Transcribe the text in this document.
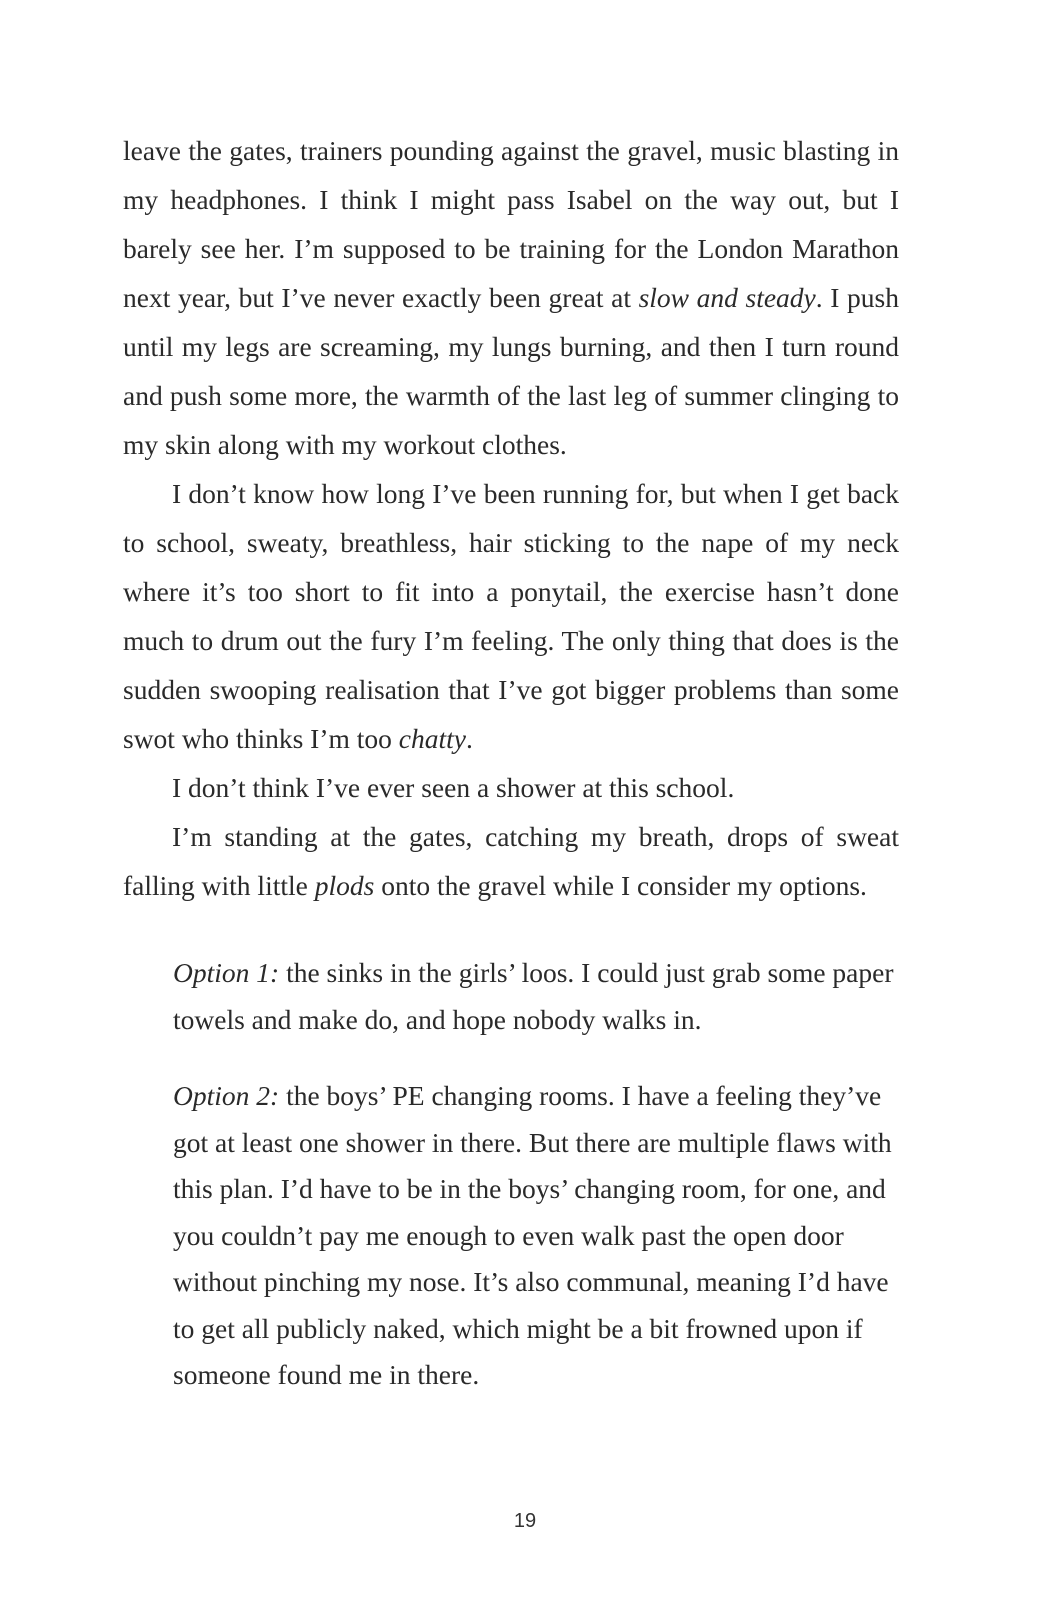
leave the gates, trainers pounding against the gravel, music blasting in my headphones. I think I might pass Isabel on the way out, but I barely see her. I’m supposed to be training for the London Marathon next year, but I’ve never exactly been great at slow and steady. I push until my legs are screaming, my lungs burning, and then I turn round and push some more, the warmth of the last leg of summer clinging to my skin along with my workout clothes.

I don’t know how long I’ve been running for, but when I get back to school, sweaty, breathless, hair sticking to the nape of my neck where it’s too short to fit into a ponytail, the exercise hasn’t done much to drum out the fury I’m feeling. The only thing that does is the sudden swooping realisation that I’ve got bigger problems than some swot who thinks I’m too chatty.

I don’t think I’ve ever seen a shower at this school.

I’m standing at the gates, catching my breath, drops of sweat falling with little plods onto the gravel while I consider my options.

Option 1: the sinks in the girls’ loos. I could just grab some paper towels and make do, and hope nobody walks in.

Option 2: the boys’ PE changing rooms. I have a feeling they’ve got at least one shower in there. But there are multiple flaws with this plan. I’d have to be in the boys’ changing room, for one, and you couldn’t pay me enough to even walk past the open door without pinching my nose. It’s also communal, meaning I’d have to get all publicly naked, which might be a bit frowned upon if someone found me in there.

19
